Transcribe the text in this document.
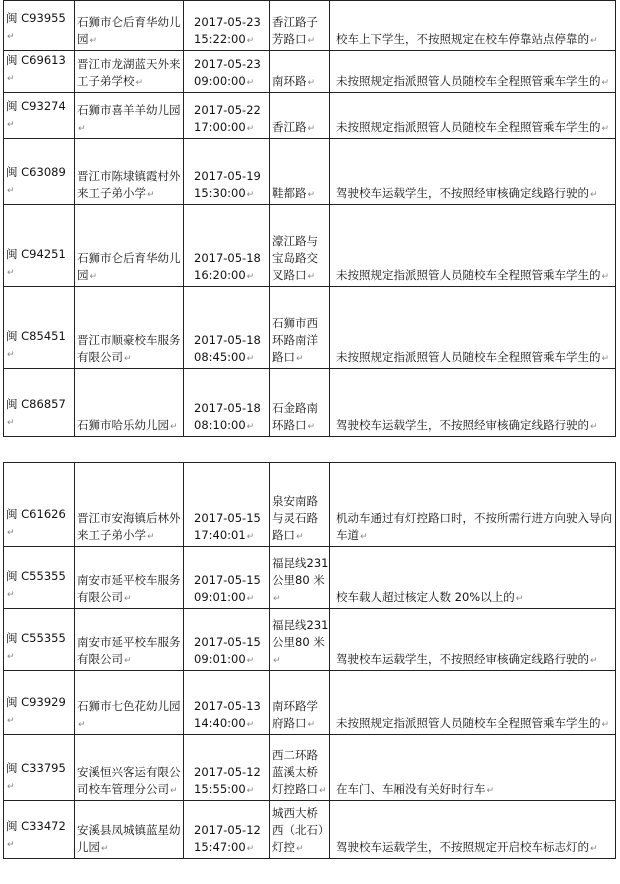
闽 C93955↵	石狮市仑后育华幼儿园↵	2017-05-23
15:22:00↵	香江路子芳路口↵	校车上下学生，不按照规定在校车停靠站点停靠的↵
闽 C69613↵	晋江市龙湖蓝天外来工子弟学校↵	2017-05-23
09:00:00↵	南环路↵	未按照规定指派照管人员随校车全程照管乘车学生的↵
闽 C93274↵	石狮市喜羊羊幼儿园↵	2017-05-22
17:00:00↵	香江路↵	未按照规定指派照管人员随校车全程照管乘车学生的↵
闽 C63089↵	晋江市陈埭镇霞村外来工子弟小学↵	2017-05-19
15:30:00↵	鞋都路↵	驾驶校车运载学生，不按照经审核确定线路行驶的↵
闽 C94251↵	石狮市仑后育华幼儿园↵	2017-05-18
16:20:00↵	濠江路与宝岛路交叉路口↵	未按照规定指派照管人员随校车全程照管乘车学生的↵
闽 C85451↵	晋江市顺豪校车服务有限公司↵	2017-05-18
08:45:00↵	石狮市西环路南洋路口↵	未按照规定指派照管人员随校车全程照管乘车学生的↵
闽 C86857↵	石狮市哈乐幼儿园↵	2017-05-18
08:10:00↵	石金路南环路口↵	驾驶校车运载学生，不按照经审核确定线路行驶的↵
闽 C61626↵	晋江市安海镇后林外来工子弟小学↵	2017-05-15
17:40:01↵	泉安南路与灵石路路口↵	机动车通过有灯控路口时，不按所需行进方向驶入导向车道↵
闽 C55355↵	南安市延平校车服务有限公司↵	2017-05-15
09:01:00↵	福昆线231 公里80 米↵	校车载人超过核定人数 20%以上的↵
闽 C55355↵	南安市延平校车服务有限公司↵	2017-05-15
09:01:00↵	福昆线231 公里80 米↵	驾驶校车运载学生，不按照经审核确定线路行驶的↵
闽 C93929↵	石狮市七色花幼儿园↵	2017-05-13
14:40:00↵	南环路学府路口↵	未按照规定指派照管人员随校车全程照管乘车学生的↵
闽 C33795↵	安溪恒兴客运有限公司校车管理分公司↵	2017-05-12
15:55:00↵	西二环路蓝溪太桥灯控路口↵	在车门、车厢没有关好时行车↵
闽 C33472↵	安溪县凤城镇蓝星幼儿园↵	2017-05-12
15:47:00↵	城西大桥西（北石）灯控↵	驾驶校车运载学生，不按照规定开启校车标志灯的↵
